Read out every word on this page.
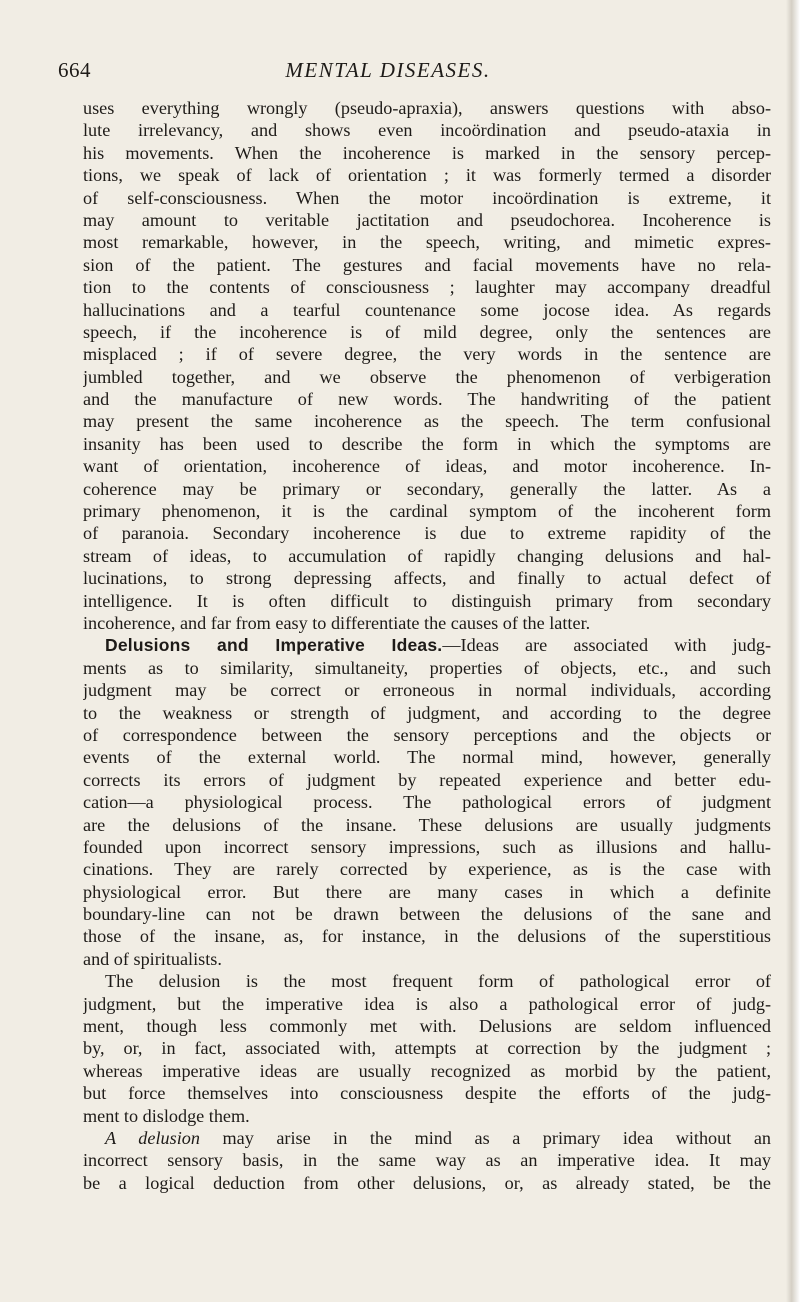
664	MENTAL DISEASES.
uses everything wrongly (pseudo-apraxia), answers questions with abso-
lute irrelevancy, and shows even incoördination and pseudo-ataxia in
his movements. When the incoherence is marked in the sensory percep-
tions, we speak of lack of orientation ; it was formerly termed a disorder
of self-consciousness. When the motor incoördination is extreme, it
may amount to veritable jactitation and pseudochorea. Incoherence is
most remarkable, however, in the speech, writing, and mimetic expres-
sion of the patient. The gestures and facial movements have no rela-
tion to the contents of consciousness ; laughter may accompany dreadful
hallucinations and a tearful countenance some jocose idea. As regards
speech, if the incoherence is of mild degree, only the sentences are
misplaced ; if of severe degree, the very words in the sentence are
jumbled together, and we observe the phenomenon of verbigeration
and the manufacture of new words. The handwriting of the patient
may present the same incoherence as the speech. The term confusional
insanity has been used to describe the form in which the symptoms are
want of orientation, incoherence of ideas, and motor incoherence. In-
coherence may be primary or secondary, generally the latter. As a
primary phenomenon, it is the cardinal symptom of the incoherent form
of paranoia. Secondary incoherence is due to extreme rapidity of the
stream of ideas, to accumulation of rapidly changing delusions and hal-
lucinations, to strong depressing affects, and finally to actual defect of
intelligence. It is often difficult to distinguish primary from secondary
incoherence, and far from easy to differentiate the causes of the latter.
Delusions and Imperative Ideas.—Ideas are associated with judg-
ments as to similarity, simultaneity, properties of objects, etc., and such
judgment may be correct or erroneous in normal individuals, according
to the weakness or strength of judgment, and according to the degree
of correspondence between the sensory perceptions and the objects or
events of the external world. The normal mind, however, generally
corrects its errors of judgment by repeated experience and better edu-
cation—a physiological process. The pathological errors of judgment
are the delusions of the insane. These delusions are usually judgments
founded upon incorrect sensory impressions, such as illusions and hallu-
cinations. They are rarely corrected by experience, as is the case with
physiological error. But there are many cases in which a definite
boundary-line can not be drawn between the delusions of the sane and
those of the insane, as, for instance, in the delusions of the superstitious
and of spiritualists.
The delusion is the most frequent form of pathological error of
judgment, but the imperative idea is also a pathological error of judg-
ment, though less commonly met with. Delusions are seldom influenced
by, or, in fact, associated with, attempts at correction by the judgment ;
whereas imperative ideas are usually recognized as morbid by the patient,
but force themselves into consciousness despite the efforts of the judg-
ment to dislodge them.
A delusion may arise in the mind as a primary idea without an
incorrect sensory basis, in the same way as an imperative idea. It may
be a logical deduction from other delusions, or, as already stated, be the
